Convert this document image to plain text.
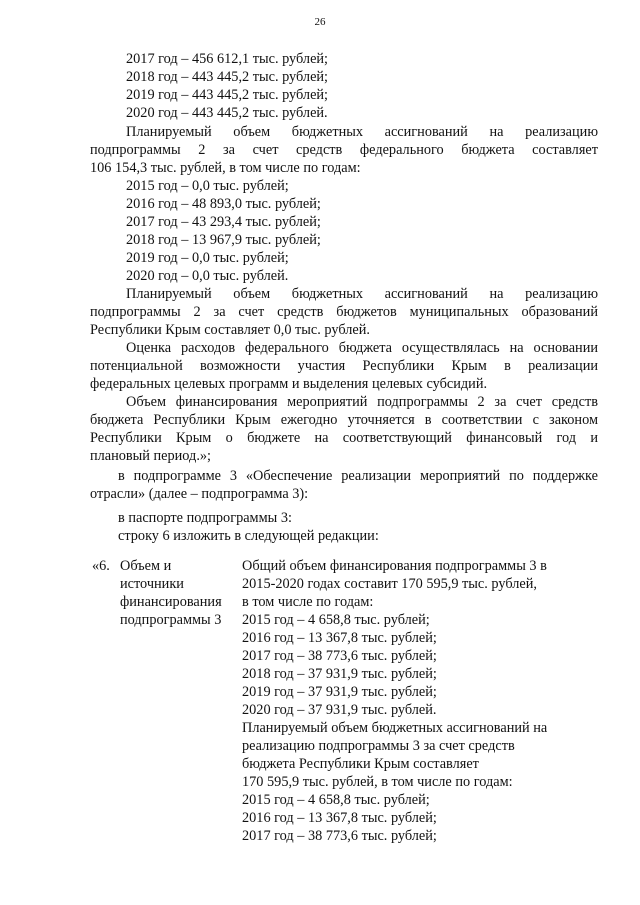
26
2017 год – 456 612,1 тыс. рублей;
2018 год – 443 445,2 тыс. рублей;
2019 год – 443 445,2 тыс. рублей;
2020 год – 443 445,2 тыс. рублей.
Планируемый объем бюджетных ассигнований на реализацию
подпрограммы 2 за счет средств федерального бюджета составляет
106 154,3 тыс. рублей, в том числе по годам:
2015 год – 0,0 тыс. рублей;
2016 год – 48 893,0 тыс. рублей;
2017 год – 43 293,4 тыс. рублей;
2018 год – 13 967,9 тыс. рублей;
2019 год – 0,0 тыс. рублей;
2020 год – 0,0 тыс. рублей.
Планируемый объем бюджетных ассигнований на реализацию
подпрограммы 2 за счет средств бюджетов муниципальных образований
Республики Крым составляет 0,0 тыс. рублей.
Оценка расходов федерального бюджета осуществлялась на основании
потенциальной возможности участия Республики Крым в реализации
федеральных целевых программ и выделения целевых субсидий.
Объем финансирования мероприятий подпрограммы 2 за счет средств
бюджета Республики Крым ежегодно уточняется в соответствии с законом
Республики Крым о бюджете на соответствующий финансовый год и
плановый период.»;
в подпрограмме 3 «Обеспечение реализации мероприятий по поддержке
отрасли» (далее – подпрограмма 3):
в паспорте подпрограммы 3:
строку 6 изложить в следующей редакции:
«6. Объем и
источники
финансирования
подпрограммы 3
Общий объем финансирования подпрограммы 3 в
2015-2020 годах составит 170 595,9 тыс. рублей,
в том числе по годам:
2015 год – 4 658,8 тыс. рублей;
2016 год – 13 367,8 тыс. рублей;
2017 год – 38 773,6 тыс. рублей;
2018 год – 37 931,9 тыс. рублей;
2019 год – 37 931,9 тыс. рублей;
2020 год – 37 931,9 тыс. рублей.
Планируемый объем бюджетных ассигнований на
реализацию подпрограммы 3 за счет средств
бюджета Республики Крым составляет
170 595,9 тыс. рублей, в том числе по годам:
2015 год – 4 658,8 тыс. рублей;
2016 год – 13 367,8 тыс. рублей;
2017 год – 38 773,6 тыс. рублей;
